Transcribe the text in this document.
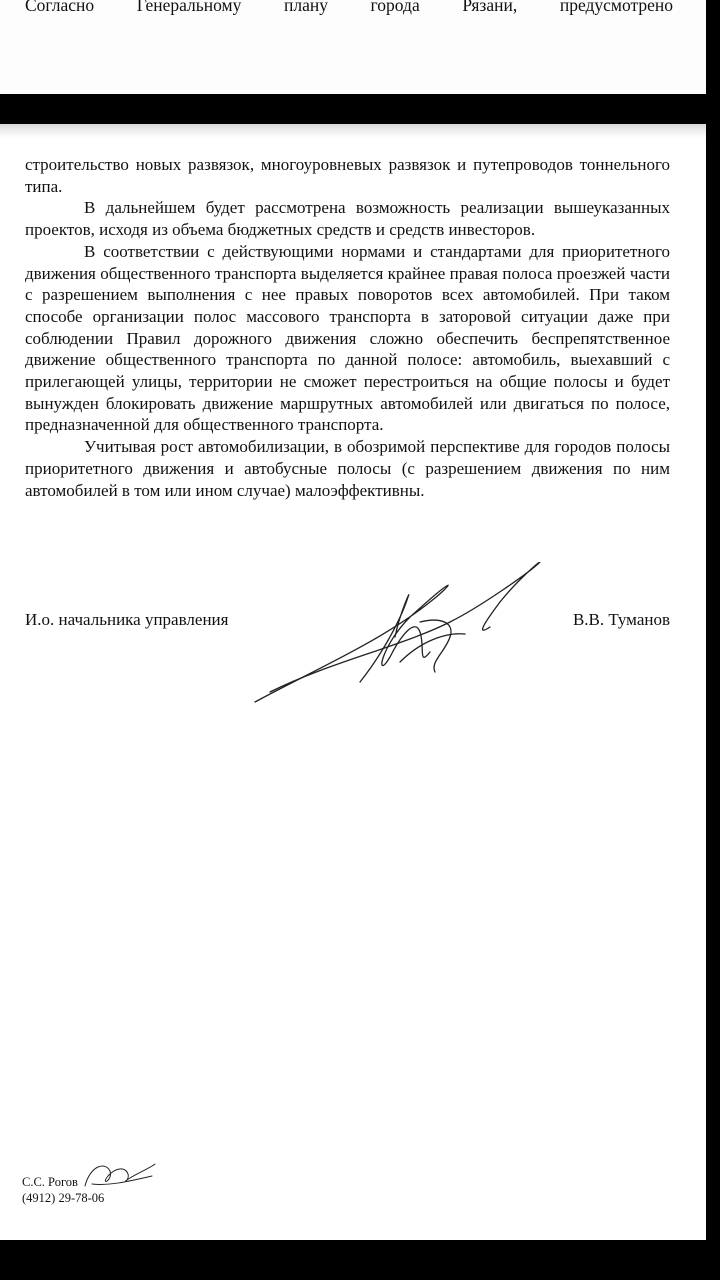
Согласно Генеральному плану города Рязани, предусмотрено

строительство новых развязок, многоуровневых развязок и путепроводов тоннельного типа.

В дальнейшем будет рассмотрена возможность реализации вышеуказанных проектов, исходя из объема бюджетных средств и средств инвесторов.

В соответствии с действующими нормами и стандартами для приоритетного движения общественного транспорта выделяется крайнее правая полоса проезжей части с разрешением выполнения с нее правых поворотов всех автомобилей. При таком способе организации полос массового транспорта в заторовой ситуации даже при соблюдении Правил дорожного движения сложно обеспечить беспрепятственное движение общественного транспорта по данной полосе: автомобиль, выехавший с прилегающей улицы, территории не сможет перестроиться на общие полосы и будет вынужден блокировать движение маршрутных автомобилей или двигаться по полосе, предназначенной для общественного транспорта.

Учитывая рост автомобилизации, в обозримой перспективе для городов полосы приоритетного движения и автобусные полосы (с разрешением движения по ним автомобилей в том или ином случае) малоэффективны.

И.о. начальника управления	В.В. Туманов
С.С. Рогов
(4912) 29-78-06
